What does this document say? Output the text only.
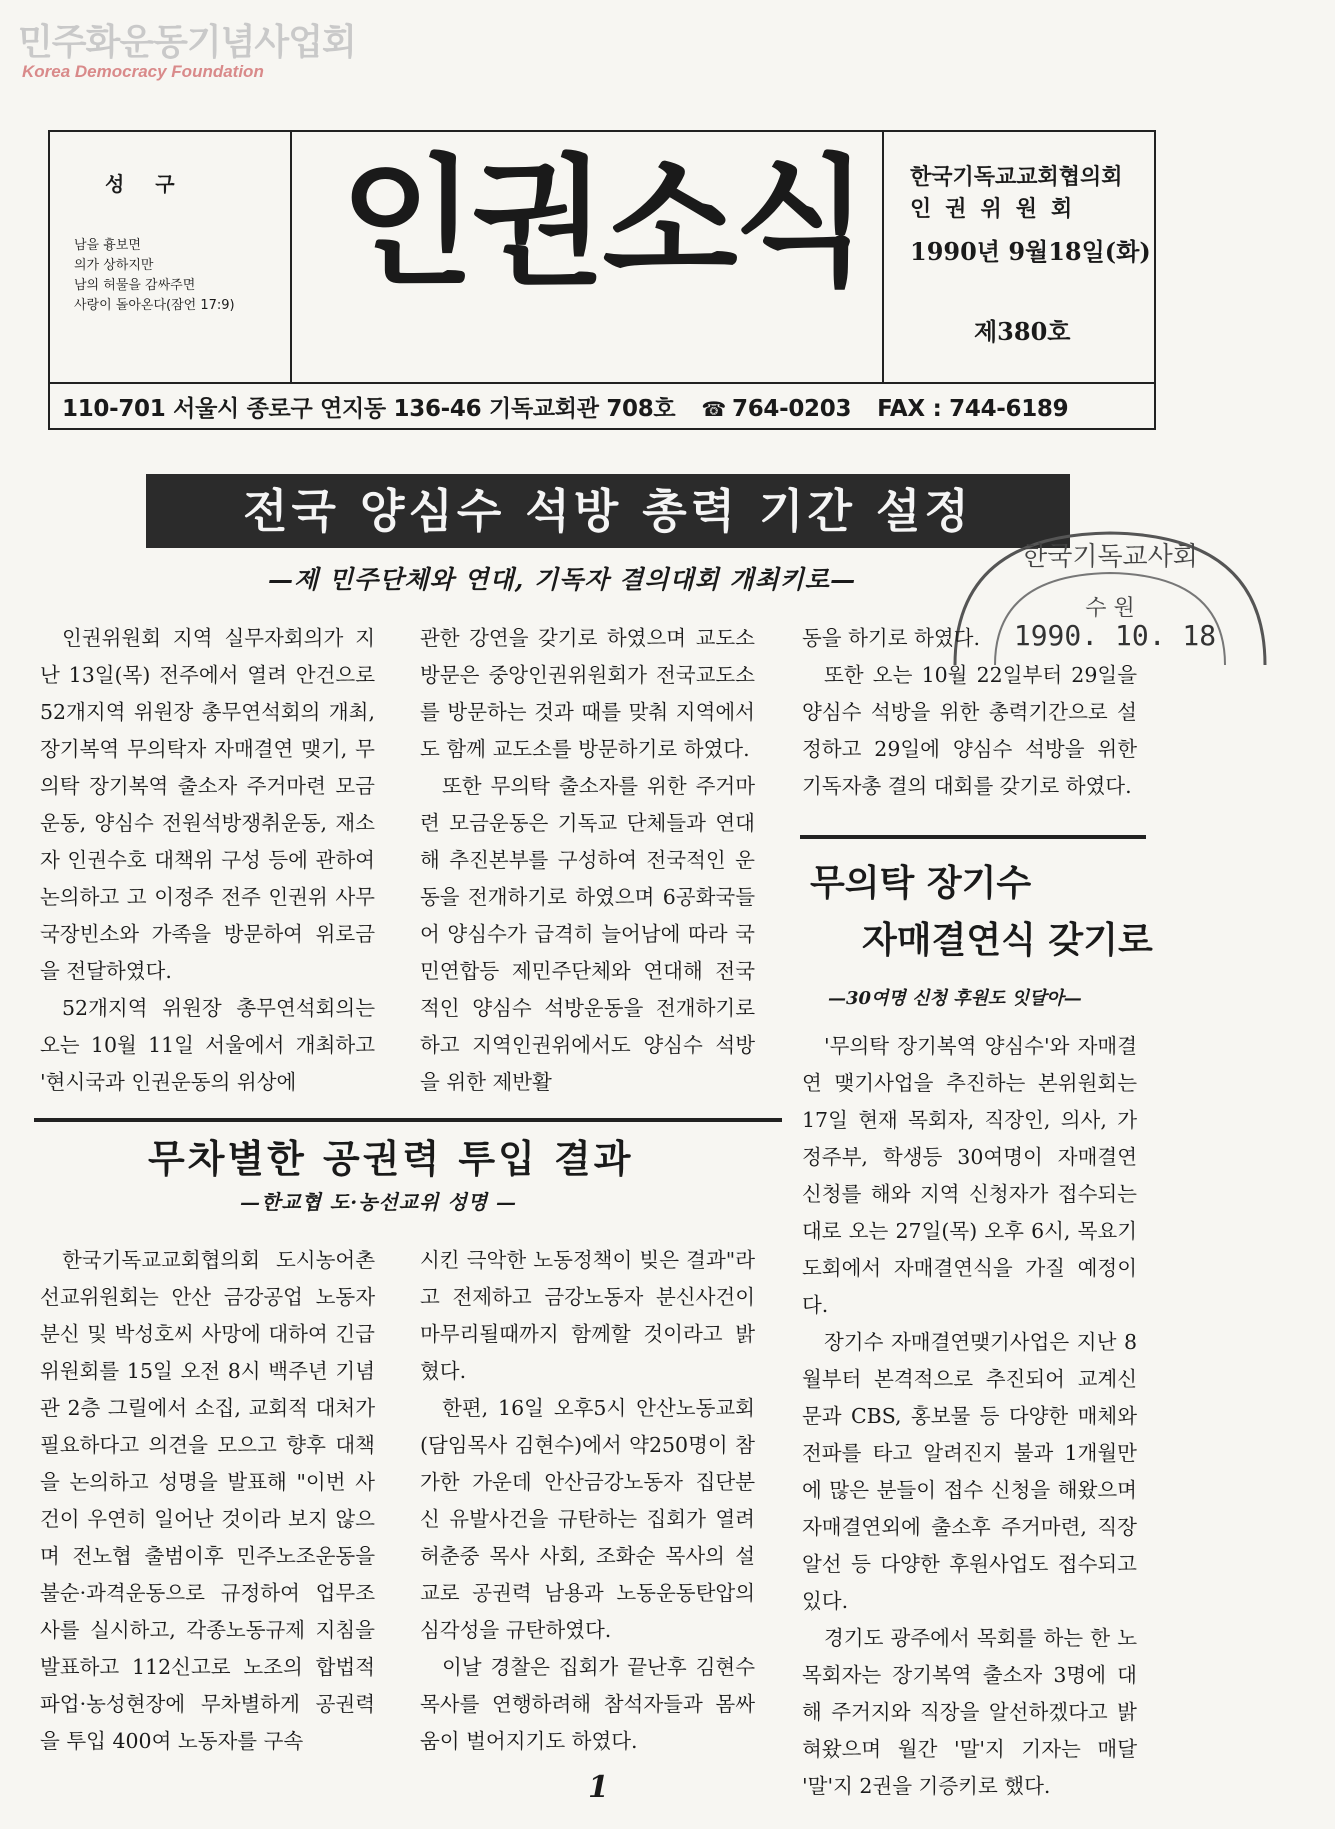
민주화운동기념사업회
Korea Democracy Foundation
성 구
남을 흉보면
의가 상하지만
남의 허물을 감싸주면
사랑이 돌아온다(잠언 17:9)
인권소식 한국기독교교회협의회
인권위원회
1990년 9월18일(화)
제380호
110-701 서울시 종로구 연지동 136-46 기독교회관 708호 ☎ 764-0203 FAX : 744-6189
전국 양심수 석방 총력 기간 설정
—제 민주단체와 연대, 기독자 결의대회 개최키로—
한국기독교사회
수 원
1990. 10. 18

인권위원회 지역 실무자회의가 지난 13일(목) 전주에서 열려 안건으로 52개지역 위원장 총무연석회의 개최, 장기복역 무의탁자 자매결연 맺기, 무의탁 장기복역 출소자 주거마련 모금운동, 양심수 전원석방쟁취운동, 재소자 인권수호 대책위 구성 등에 관하여 논의하고 고 이정주 전주 인권위 사무국장빈소와 가족을 방문하여 위로금을 전달하였다.

52개지역 위원장 총무연석회의는 오는 10월 11일 서울에서 개최하고 '현시국과 인권운동의 위상에

관한 강연을 갖기로 하였으며 교도소방문은 중앙인권위원회가 전국교도소를 방문하는 것과 때를 맞춰 지역에서도 함께 교도소를 방문하기로 하였다.

또한 무의탁 출소자를 위한 주거마련 모금운동은 기독교 단체들과 연대해 추진본부를 구성하여 전국적인 운동을 전개하기로 하였으며 6공화국들어 양심수가 급격히 늘어남에 따라 국민연합등 제민주단체와 연대해 전국적인 양심수 석방운동을 전개하기로 하고 지역인권위에서도 양심수 석방을 위한 제반활

동을 하기로 하였다.

또한 오는 10월 22일부터 29일을 양심수 석방을 위한 총력기간으로 설정하고 29일에 양심수 석방을 위한 기독자총 결의 대회를 갖기로 하였다.

무의탁 장기수
자매결연식 갖기로
—30여명 신청 후원도 잇달아—

'무의탁 장기복역 양심수'와 자매결연 맺기사업을 추진하는 본위원회는 17일 현재 목회자, 직장인, 의사, 가정주부, 학생등 30여명이 자매결연 신청를 해와 지역 신청자가 접수되는 대로 오는 27일(목) 오후 6시, 목요기도회에서 자매결연식을 가질 예정이다.

장기수 자매결연맺기사업은 지난 8월부터 본격적으로 추진되어 교계신문과 CBS, 홍보물 등 다양한 매체와 전파를 타고 알려진지 불과 1개월만에 많은 분들이 접수 신청을 해왔으며 자매결연외에 출소후 주거마련, 직장알선 등 다양한 후원사업도 접수되고 있다.

경기도 광주에서 목회를 하는 한 노목회자는 장기복역 출소자 3명에 대해 주거지와 직장을 알선하겠다고 밝혀왔으며 월간 '말'지 기자는 매달 '말'지 2권을 기증키로 했다.

무차별한 공권력 투입 결과
—한교협 도·농선교위 성명 —

한국기독교교회협의회 도시농어촌선교위원회는 안산 금강공업 노동자 분신 및 박성호씨 사망에 대하여 긴급위원회를 15일 오전 8시 백주년 기념관 2층 그릴에서 소집, 교회적 대처가 필요하다고 의견을 모으고 향후 대책을 논의하고 성명을 발표해 "이번 사건이 우연히 일어난 것이라 보지 않으며 전노협 출범이후 민주노조운동을 불순·과격운동으로 규정하여 업무조사를 실시하고, 각종노동규제 지침을 발표하고 112신고로 노조의 합법적 파업·농성현장에 무차별하게 공권력을 투입 400여 노동자를 구속

시킨 극악한 노동정책이 빚은 결과"라고 전제하고 금강노동자 분신사건이 마무리될때까지 함께할 것이라고 밝혔다.

한편, 16일 오후5시 안산노동교회(담임목사 김현수)에서 약250명이 참가한 가운데 안산금강노동자 집단분신 유발사건을 규탄하는 집회가 열려 허춘중 목사 사회, 조화순 목사의 설교로 공권력 남용과 노동운동탄압의 심각성을 규탄하였다.

이날 경찰은 집회가 끝난후 김현수 목사를 연행하려해 참석자들과 몸싸움이 벌어지기도 하였다.

1
